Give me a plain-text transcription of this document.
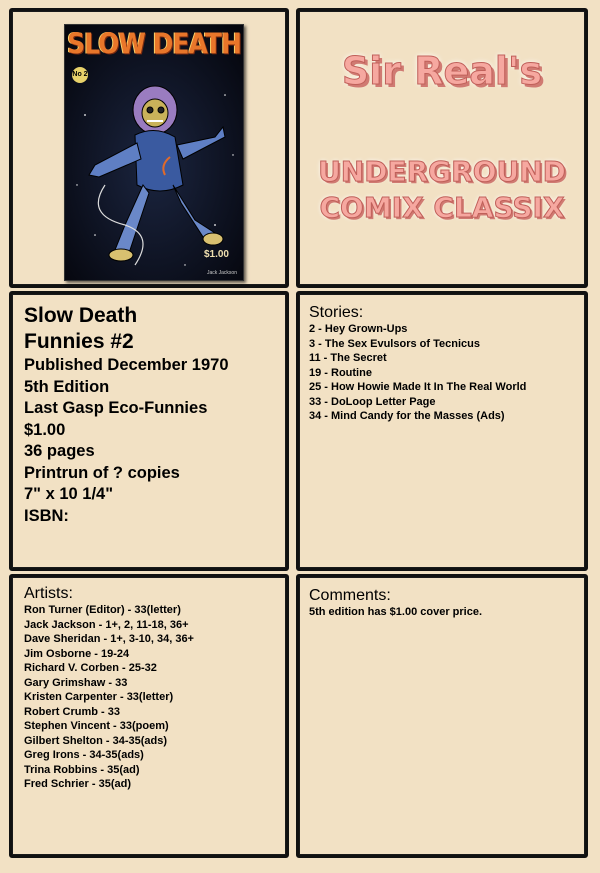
SLOW DEATH
No 2
$1.00
Jack Jackson
Sir Real's
UNDERGROUND
COMIX CLASSIX
Slow Death
Funnies #2
Published December 1970
5th Edition
Last Gasp Eco-Funnies
$1.00
36 pages
Printrun of ? copies
7" x 10 1/4"
ISBN:
Stories:
2 - Hey Grown-Ups
3 - The Sex Evulsors of Tecnicus
11 - The Secret
19 - Routine
25 - How Howie Made It In The Real World
33 - DoLoop Letter Page
34 - Mind Candy for the Masses (Ads)
Artists:
Ron Turner (Editor) - 33(letter)
Jack Jackson - 1+, 2, 11-18, 36+
Dave Sheridan - 1+, 3-10, 34, 36+
Jim Osborne - 19-24
Richard V. Corben - 25-32
Gary Grimshaw - 33
Kristen Carpenter - 33(letter)
Robert Crumb - 33
Stephen Vincent - 33(poem)
Gilbert Shelton - 34-35(ads)
Greg Irons - 34-35(ads)
Trina Robbins - 35(ad)
Fred Schrier - 35(ad)
Comments:
5th edition has $1.00 cover price.
